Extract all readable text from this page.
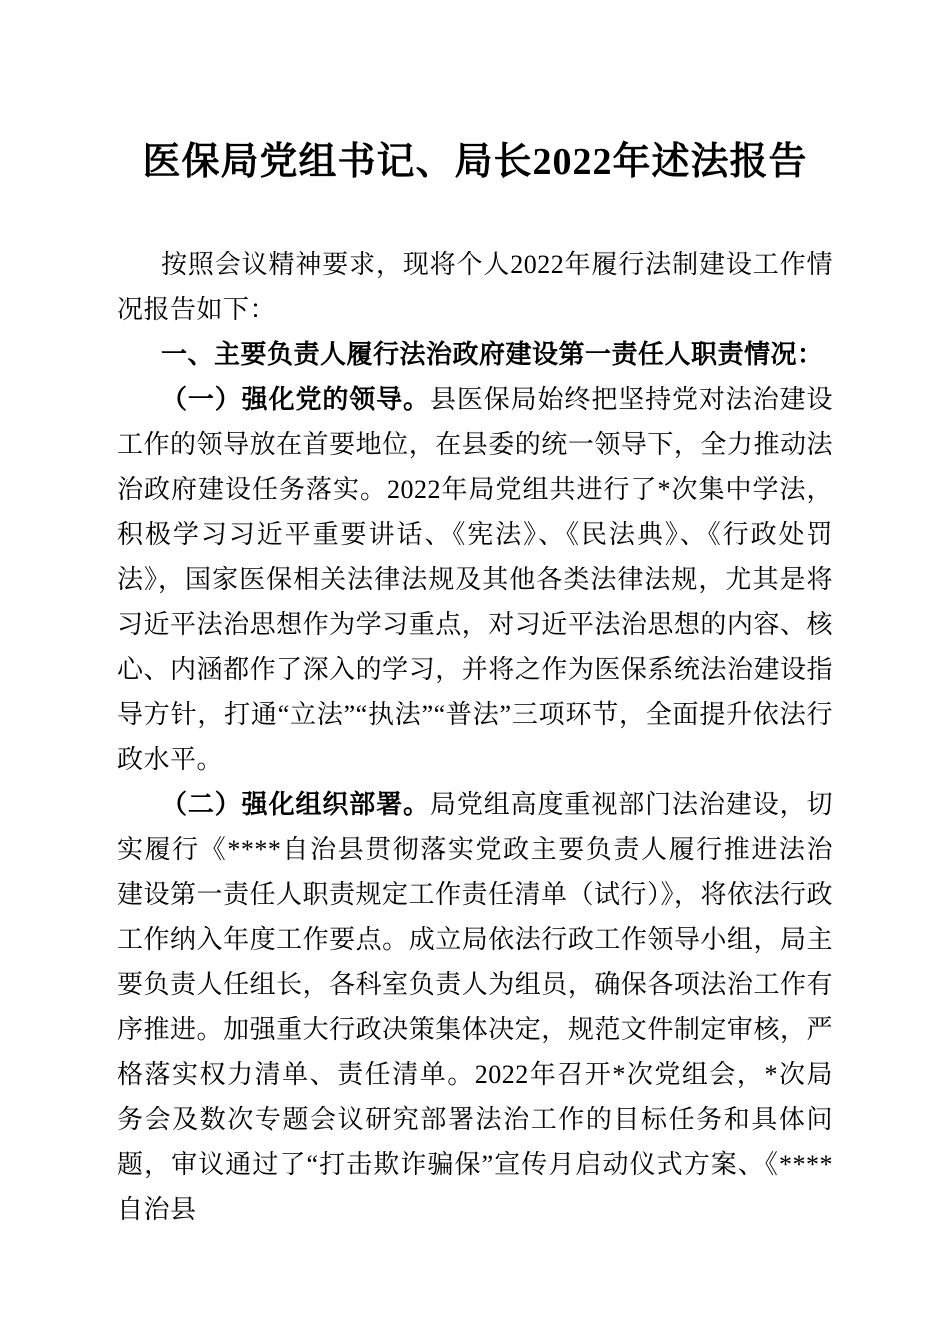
医保局党组书记、局长2022年述法报告

按照会议精神要求，现将个人2022年履行法制建设工作情况报告如下：

一、主要负责人履行法治政府建设第一责任人职责情况：

（一）强化党的领导。县医保局始终把坚持党对法治建设工作的领导放在首要地位，在县委的统一领导下，全力推动法治政府建设任务落实。2022年局党组共进行了*次集中学法，积极学习习近平重要讲话、《宪法》、《民法典》、《行政处罚法》，国家医保相关法律法规及其他各类法律法规，尤其是将习近平法治思想作为学习重点，对习近平法治思想的内容、核心、内涵都作了深入的学习，并将之作为医保系统法治建设指导方针，打通“立法”“执法”“普法”三项环节，全面提升依法行政水平。

（二）强化组织部署。局党组高度重视部门法治建设，切实履行《****自治县贯彻落实党政主要负责人履行推进法治建设第一责任人职责规定工作责任清单（试行）》，将依法行政工作纳入年度工作要点。成立局依法行政工作领导小组，局主要负责人任组长，各科室负责人为组员，确保各项法治工作有序推进。加强重大行政决策集体决定，规范文件制定审核，严格落实权力清单、责任清单。2022年召开*次党组会，*次局务会及数次专题会议研究部署法治工作的目标任务和具体问题，审议通过了“打击欺诈骗保”宣传月启动仪式方案、《****自治县
